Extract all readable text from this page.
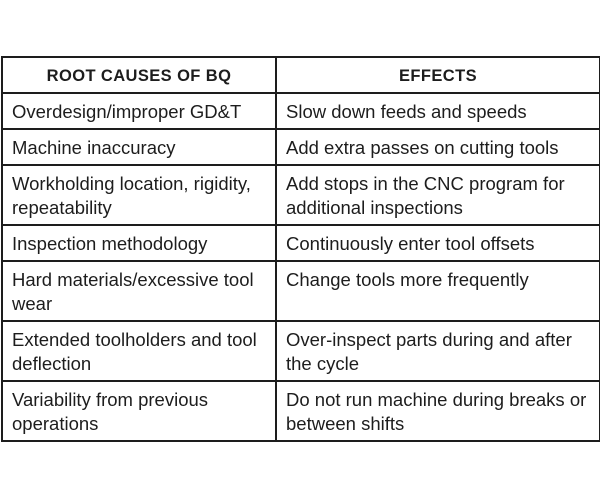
ROOT CAUSES OF BQ	EFFECTS
Overdesign/improper GD&T	Slow down feeds and speeds
Machine inaccuracy	Add extra passes on cutting tools
Workholding location, rigidity, repeatability	Add stops in the CNC program for additional inspections
Inspection methodology	Continuously enter tool offsets
Hard materials/excessive tool wear	Change tools more frequently
Extended toolholders and tool deflection	Over-inspect parts during and after the cycle
Variability from previous operations	Do not run machine during breaks or between shifts
